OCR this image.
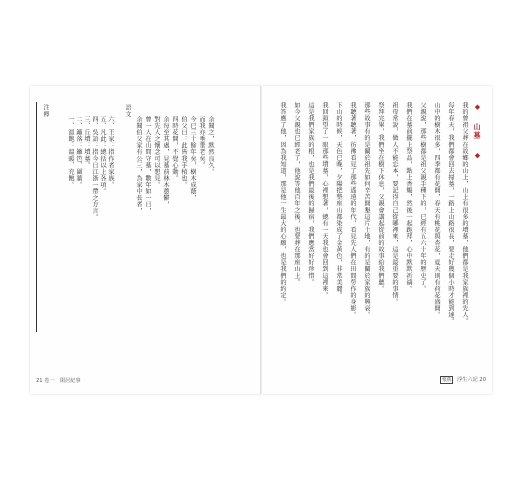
注釋
一、溫飽：溫暖、充飽。 二、籬落：籬笆、圍牆。 三、丘墳：墳墓。 四、吳語：指今日江浙一帶之方言。 五、凡此：總括以上各項。 六、王家：指作者家族。
語文
余聞伯父家有公三，為家中長者， 曾一人在山間守墓，數年如一日， 對先人之懷念可以想見。 余每至其處，見墓前林木蔥鬱， 四時花開，不覺心動。 伯父曰：此皆我手植也。 今已三十餘年矣，樹木成蔭， 而我亦垂垂老矣。 余聞之，默然良久。
21 卷一　閑居紀事
◆ 山墓 ◆
我的曾祖父葬在故鄉的山上，山上有很多的墳墓，他們都是我家族裡的先人。
每年春天，我們都會回去掃墓，一路上山路很長，要走好幾個小時才能到達。
山中的樹木很多，四季都有花開，春天有桃花與杏花，夏天則有荷花盛開。
父親說，那些樹都是祖父親手種下的，已經有五六十年的歷史了。
我們在墓前擺上祭品，點上香燭，然後一起跪拜，心中默默祈禱。
祖母常說，做人不能忘本，要記得自己從哪裡來，這是最重要的事情。
祭拜完畢，我們坐在樹下休息，父親會講起從前的故事給我們聽。
那些故事有的是關於祖先如何辛苦開墾這片土地，有的是關於家族的興衰。
我聽著聽著，彷彿看見了那些遙遠的年代，看見先人們在田間勞作的身影。
下山的時候，天色已晚，夕陽把整座山都染成了金黃色，非常美麗。
我回頭望了一眼那些墳墓，心裡想著，總有一天我也會回到這裡來。
這是我們家族的根，也是我們最後的歸宿，我們應當好好珍惜。
如今父親也已經老了，他說等他百年之後，也要葬在那座山上。
我答應了他，因為我知道，那是他一生最大的心願，也是我們的約定。
懷舊 浮生六記 20
